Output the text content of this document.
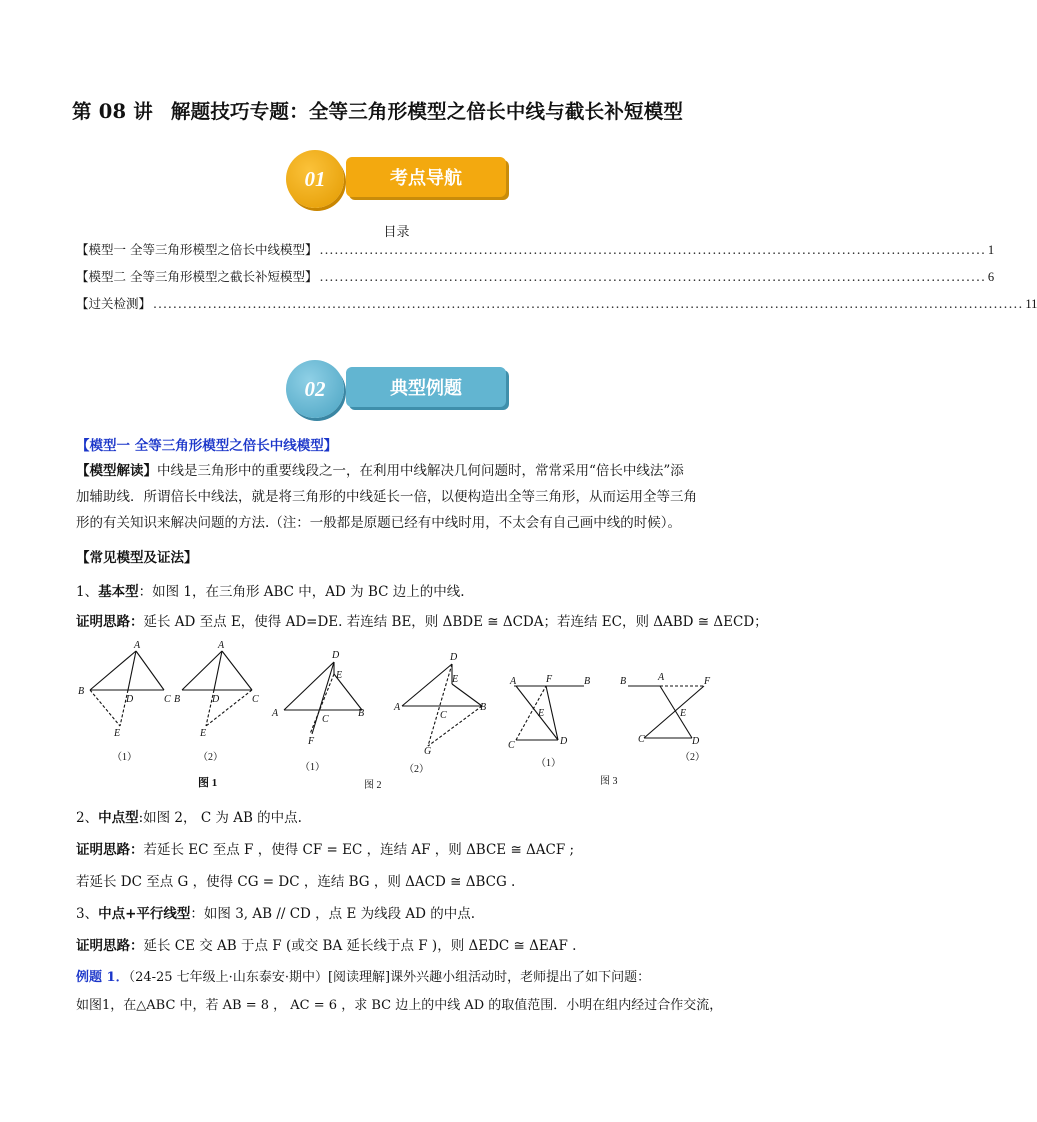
第 08 讲 解题技巧专题：全等三角形模型之倍长中线与截长补短模型
考点导航
01
目录
【模型一 全等三角形模型之倍长中线模型】 ...................................................................................................................................... 1
【模型二 全等三角形模型之截长补短模型】 ...................................................................................................................................... 6
【过关检测】 ............................................................................................................................................................................... 11
典型例题
02
【模型一 全等三角形模型之倍长中线模型】
【模型解读】中线是三角形中的重要线段之一，在利用中线解决几何问题时，常常采用“倍长中线法”添
加辅助线．所谓倍长中线法，就是将三角形的中线延长一倍，以便构造出全等三角形，从而运用全等三角
形的有关知识来解决问题的方法.（注：一般都是原题已经有中线时用，不太会有自己画中线的时候）。
【常见模型及证法】
1、基本型：如图 1，在三角形 ABC 中，AD 为 BC 边上的中线.
证明思路：延长 AD 至点 E，使得 AD=DE. 若连结 BE，则 ΔBDE ≅ ΔCDA；若连结 EC，则 ΔABD ≅ ΔECD；
A
B
D	C
E
A
B	D	C
E
D
E
A
C
B
F
D
E
A
C
B
G
A	F	B
E
C	D
B	A	F
E
C	D
（1）	（2）
（1）	（2）
（1）
（2）
图 1	图 2	图 3
2、中点型:如图 2， C 为 AB 的中点.
证明思路：若延长 EC 至点 F ，使得 CF = EC ，连结 AF ，则 ΔBCE ≅ ΔACF ;
若延长 DC 至点 G ，使得 CG = DC ，连结 BG ，则 ΔACD ≅ ΔBCG .
3、中点+平行线型：如图 3, AB // CD ，点 E 为线段 AD 的中点.
证明思路：延长 CE 交 AB 于点 F (或交 BA 延长线于点 F )，则 ΔEDC ≅ ΔEAF .
例题 1．（24-25 七年级上·山东泰安·期中）[阅读理解]课外兴趣小组活动时，老师提出了如下问题：
如图1，在△ABC 中，若 AB = 8 ， AC = 6 ，求 BC 边上的中线 AD 的取值范围．小明在组内经过合作交流，
